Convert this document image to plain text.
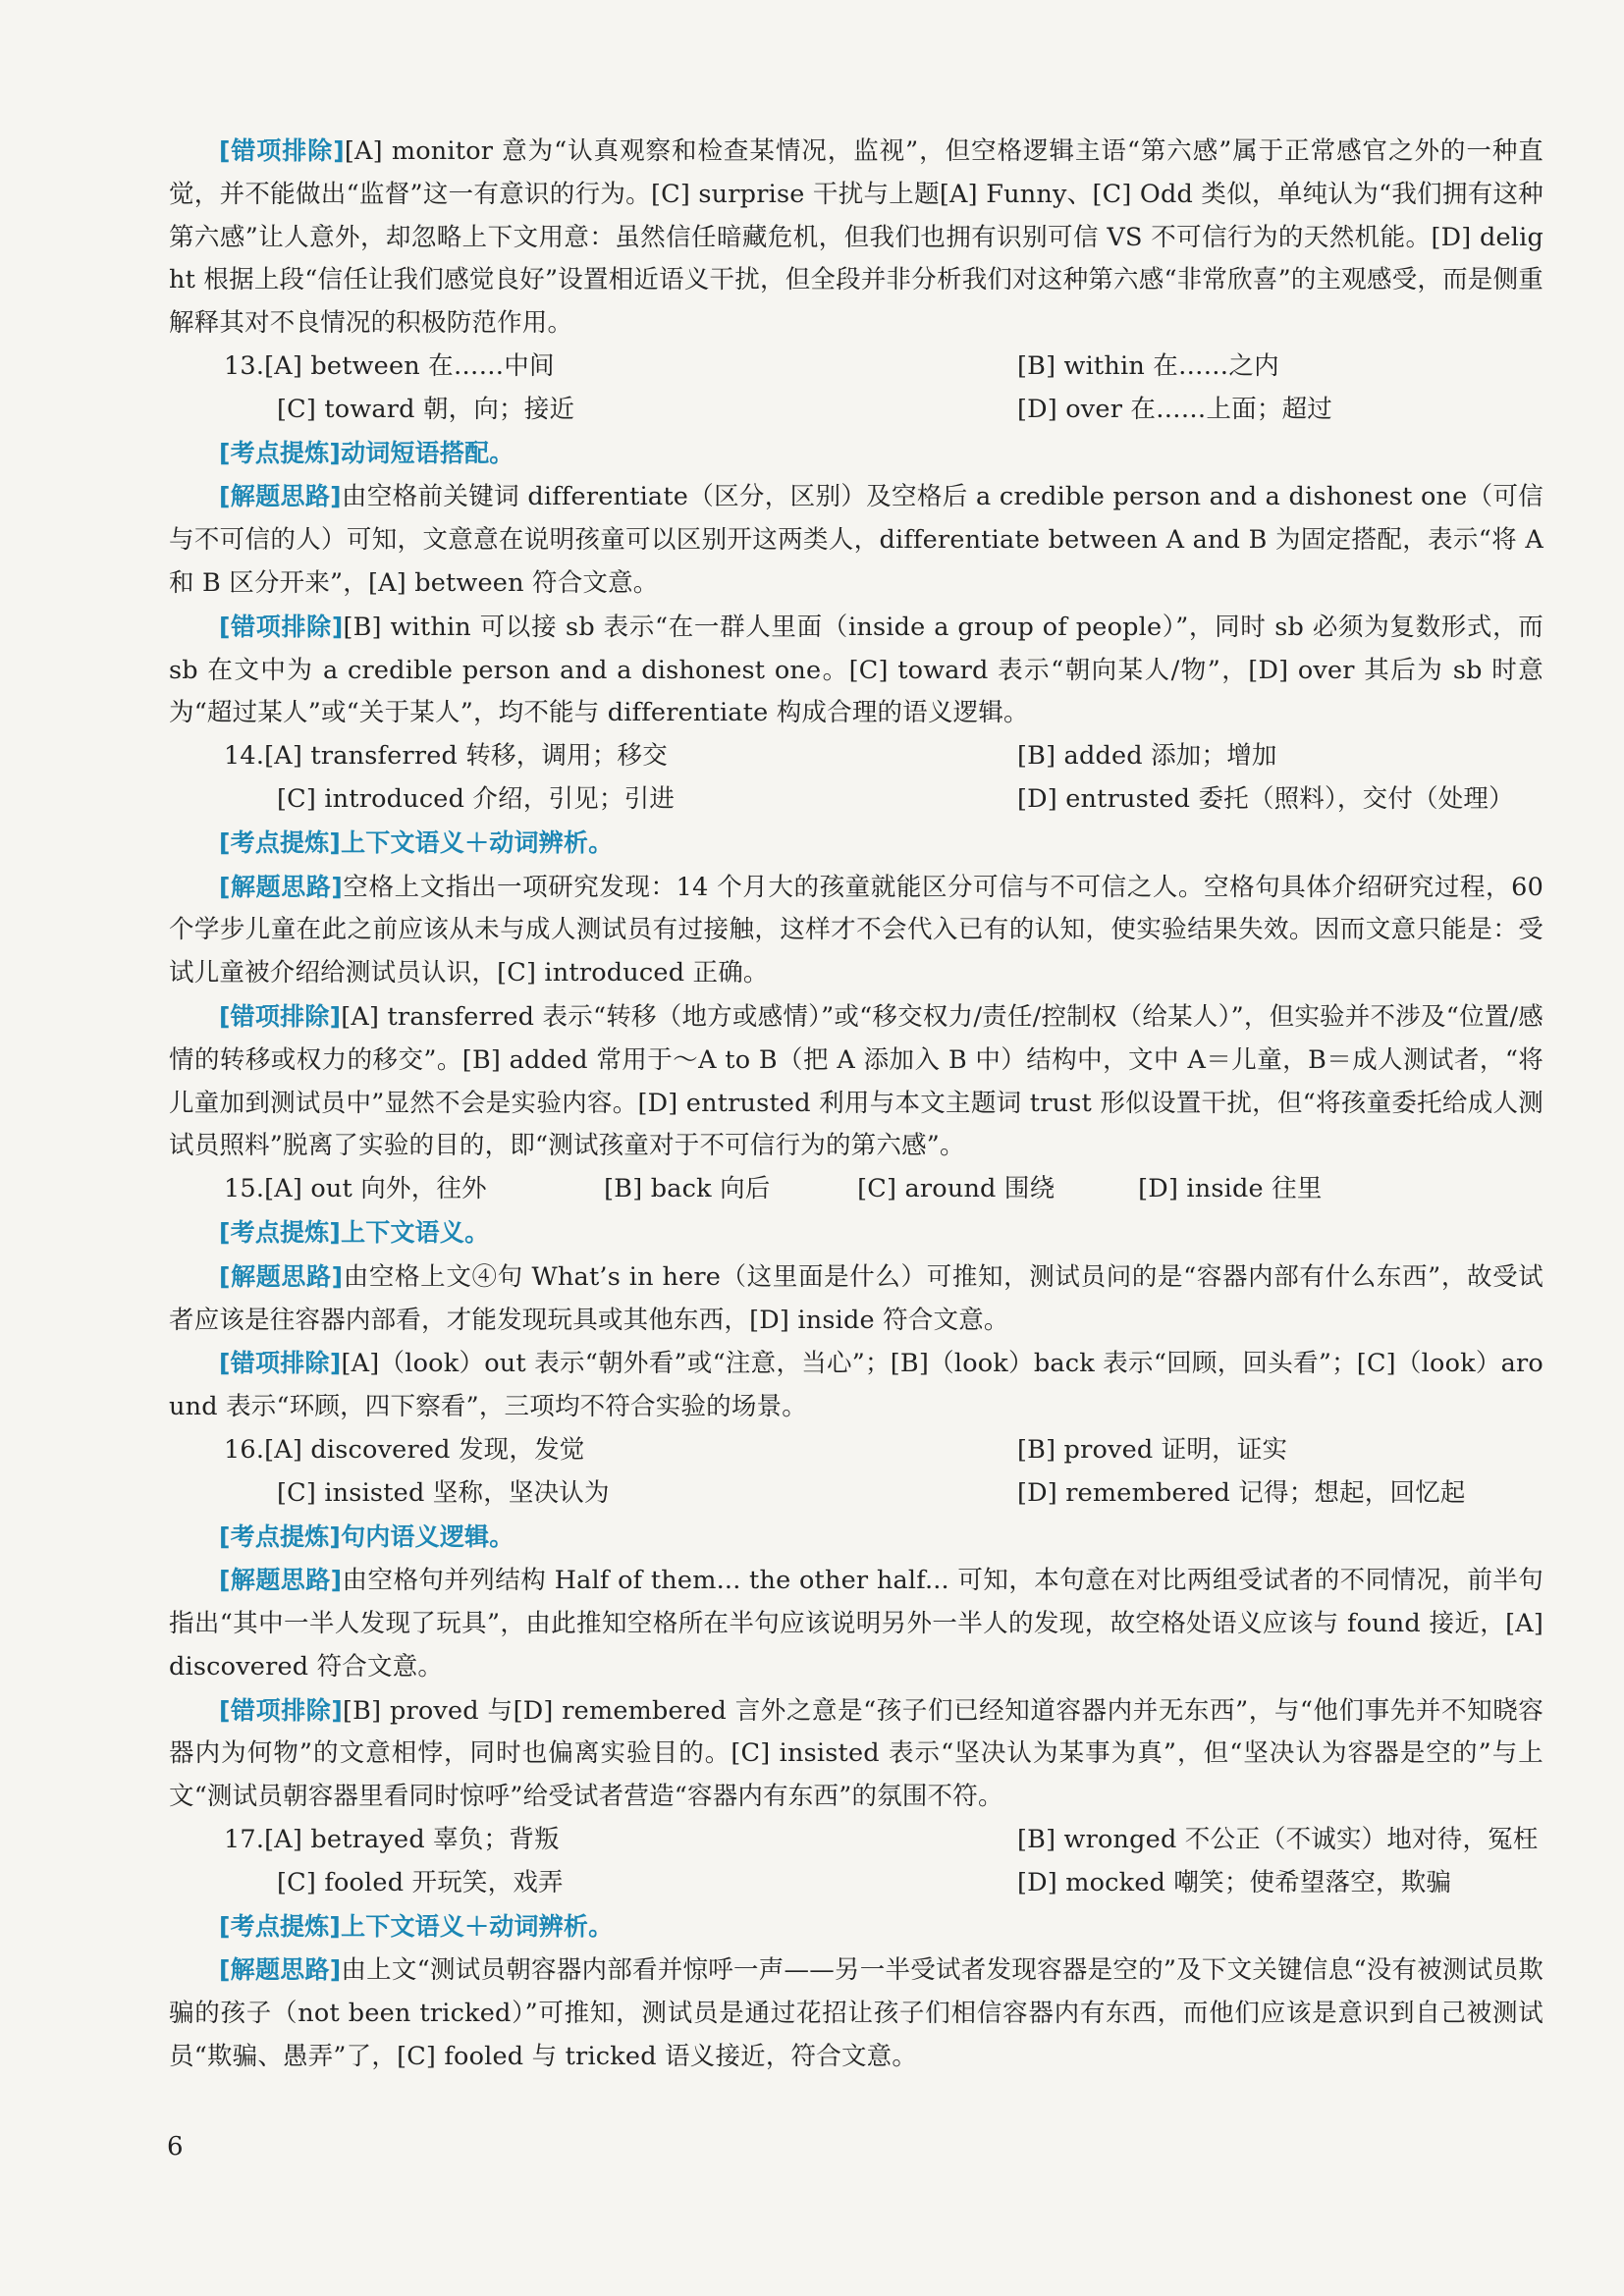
[错项排除][A] monitor 意为“认真观察和检查某情况，监视”，但空格逻辑主语“第六感”属于正常感官之外的一种直觉，并不能做出“监督”这一有意识的行为。[C] surprise 干扰与上题[A] Funny、[C] Odd 类似，单纯认为“我们拥有这种第六感”让人意外，却忽略上下文用意：虽然信任暗藏危机，但我们也拥有识别可信 VS 不可信行为的天然机能。[D] delight 根据上段“信任让我们感觉良好”设置相近语义干扰，但全段并非分析我们对这种第六感“非常欣喜”的主观感受，而是侧重解释其对不良情况的积极防范作用。

13.[A] between 在……中间	[B] within 在……之内
[C] toward 朝，向；接近	[D] over 在……上面；超过

[考点提炼]动词短语搭配。

[解题思路]由空格前关键词 differentiate（区分，区别）及空格后 a credible person and a dishonest one（可信与不可信的人）可知，文意意在说明孩童可以区别开这两类人，differentiate between A and B 为固定搭配，表示“将 A 和 B 区分开来”，[A] between 符合文意。

[错项排除][B] within 可以接 sb 表示“在一群人里面（inside a group of people）”，同时 sb 必须为复数形式，而 sb 在文中为 a credible person and a dishonest one。[C] toward 表示“朝向某人/物”，[D] over 其后为 sb 时意为“超过某人”或“关于某人”，均不能与 differentiate 构成合理的语义逻辑。

14.[A] transferred 转移，调用；移交	[B] added 添加；增加
[C] introduced 介绍，引见；引进	[D] entrusted 委托（照料），交付（处理）

[考点提炼]上下文语义＋动词辨析。

[解题思路]空格上文指出一项研究发现：14 个月大的孩童就能区分可信与不可信之人。空格句具体介绍研究过程，60 个学步儿童在此之前应该从未与成人测试员有过接触，这样才不会代入已有的认知，使实验结果失效。因而文意只能是：受试儿童被介绍给测试员认识，[C] introduced 正确。

[错项排除][A] transferred 表示“转移（地方或感情）”或“移交权力/责任/控制权（给某人）”，但实验并不涉及“位置/感情的转移或权力的移交”。[B] added 常用于～A to B（把 A 添加入 B 中）结构中，文中 A＝儿童，B＝成人测试者，“将儿童加到测试员中”显然不会是实验内容。[D] entrusted 利用与本文主题词 trust 形似设置干扰，但“将孩童委托给成人测试员照料”脱离了实验的目的，即“测试孩童对于不可信行为的第六感”。

15.[A] out 向外，往外	[B] back 向后	[C] around 围绕	[D] inside 往里

[考点提炼]上下文语义。

[解题思路]由空格上文④句 What’s in here（这里面是什么）可推知，测试员问的是“容器内部有什么东西”，故受试者应该是往容器内部看，才能发现玩具或其他东西，[D] inside 符合文意。

[错项排除][A]（look）out 表示“朝外看”或“注意，当心”；[B]（look）back 表示“回顾，回头看”；[C]（look）around 表示“环顾，四下察看”，三项均不符合实验的场景。

16.[A] discovered 发现，发觉	[B] proved 证明，证实
[C] insisted 坚称，坚决认为	[D] remembered 记得；想起，回忆起

[考点提炼]句内语义逻辑。

[解题思路]由空格句并列结构 Half of them... the other half... 可知，本句意在对比两组受试者的不同情况，前半句指出“其中一半人发现了玩具”，由此推知空格所在半句应该说明另外一半人的发现，故空格处语义应该与 found 接近，[A] discovered 符合文意。

[错项排除][B] proved 与[D] remembered 言外之意是“孩子们已经知道容器内并无东西”，与“他们事先并不知晓容器内为何物”的文意相悖，同时也偏离实验目的。[C] insisted 表示“坚决认为某事为真”，但“坚决认为容器是空的”与上文“测试员朝容器里看同时惊呼”给受试者营造“容器内有东西”的氛围不符。

17.[A] betrayed 辜负；背叛	[B] wronged 不公正（不诚实）地对待，冤枉
[C] fooled 开玩笑，戏弄	[D] mocked 嘲笑；使希望落空，欺骗

[考点提炼]上下文语义＋动词辨析。

[解题思路]由上文“测试员朝容器内部看并惊呼一声——另一半受试者发现容器是空的”及下文关键信息“没有被测试员欺骗的孩子（not been tricked）”可推知，测试员是通过花招让孩子们相信容器内有东西，而他们应该是意识到自己被测试员“欺骗、愚弄”了，[C] fooled 与 tricked 语义接近，符合文意。

6
